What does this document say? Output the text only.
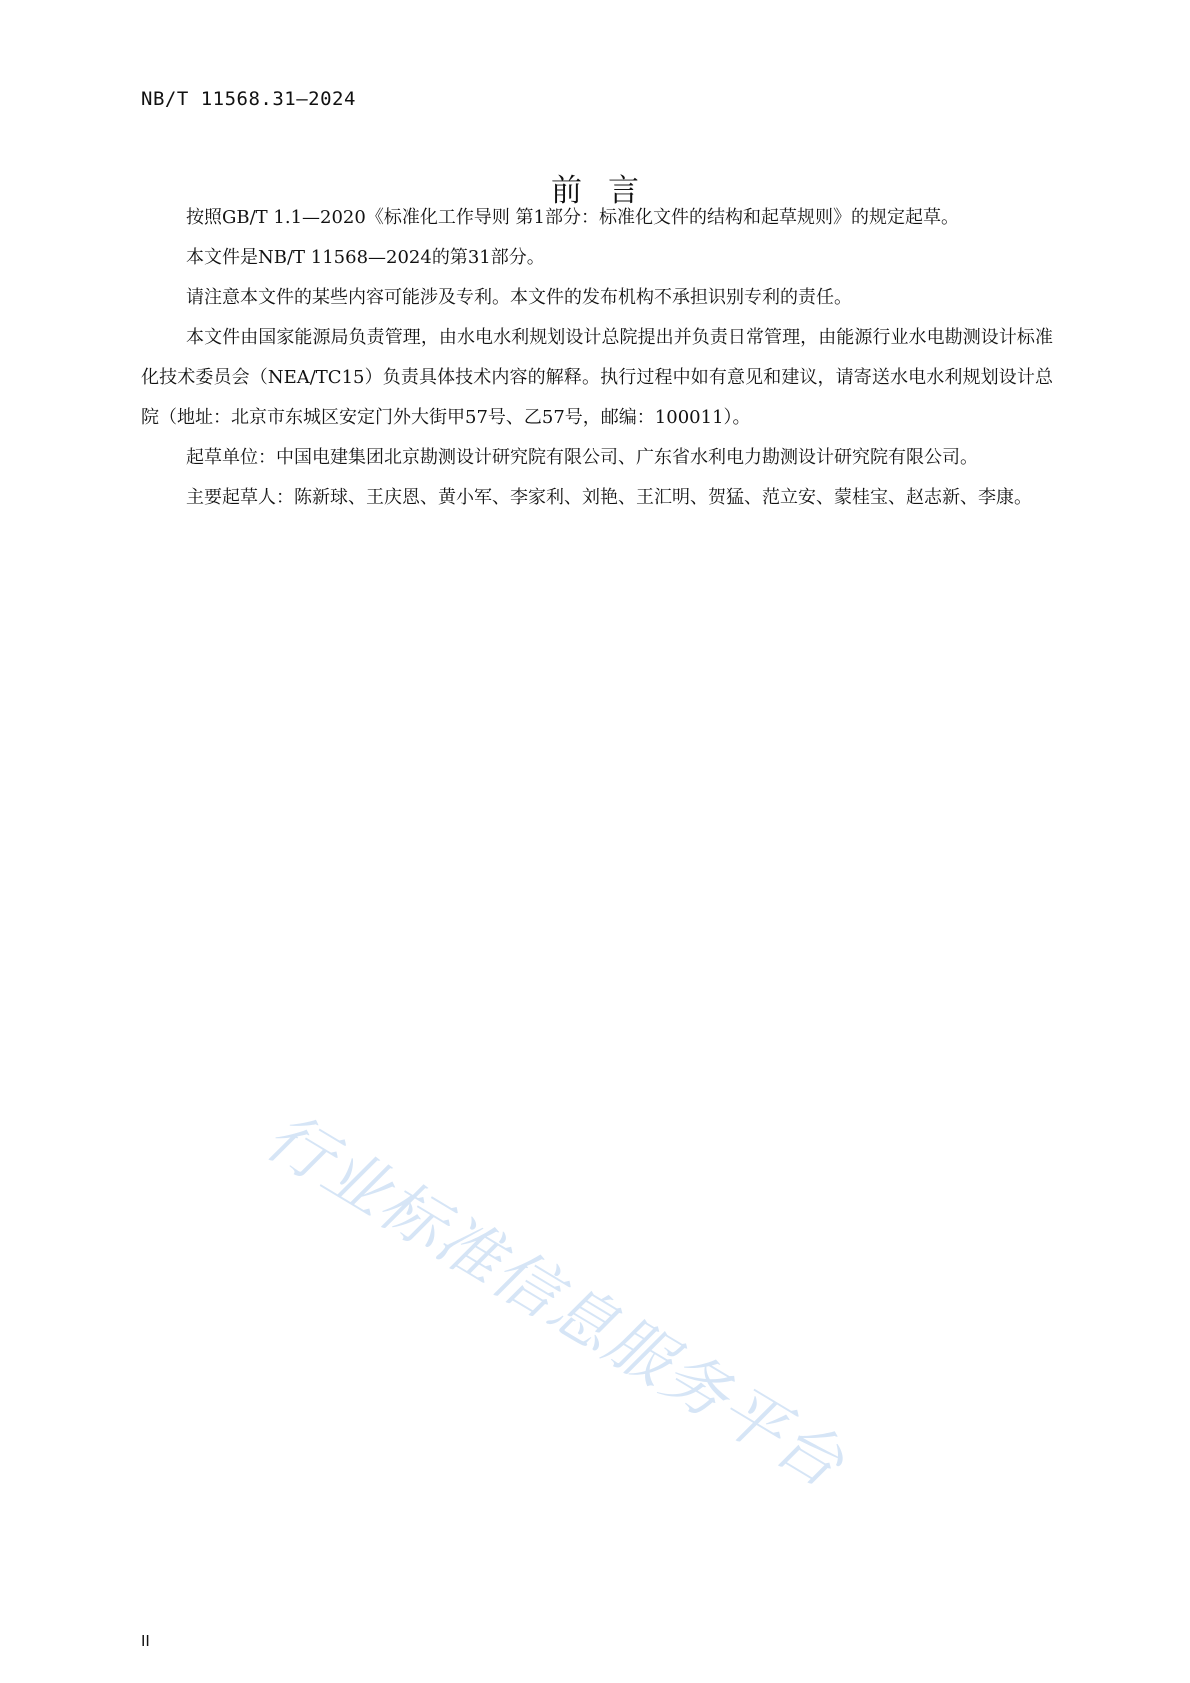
NB/T 11568.31—2024
前言

按照GB/T 1.1—2020《标准化工作导则 第1部分：标准化文件的结构和起草规则》的规定起草。

本文件是NB/T 11568—2024的第31部分。

请注意本文件的某些内容可能涉及专利。本文件的发布机构不承担识别专利的责任。

本文件由国家能源局负责管理，由水电水利规划设计总院提出并负责日常管理，由能源行业水电勘测设计标准化技术委员会（NEA/TC15）负责具体技术内容的解释。执行过程中如有意见和建议，请寄送水电水利规划设计总院（地址：北京市东城区安定门外大街甲57号、乙57号，邮编：100011）。

起草单位：中国电建集团北京勘测设计研究院有限公司、广东省水利电力勘测设计研究院有限公司。

主要起草人：陈新球、王庆恩、黄小军、李家利、刘艳、王汇明、贺猛、范立安、蒙桂宝、赵志新、李康。

行业标准信息服务平台
II
